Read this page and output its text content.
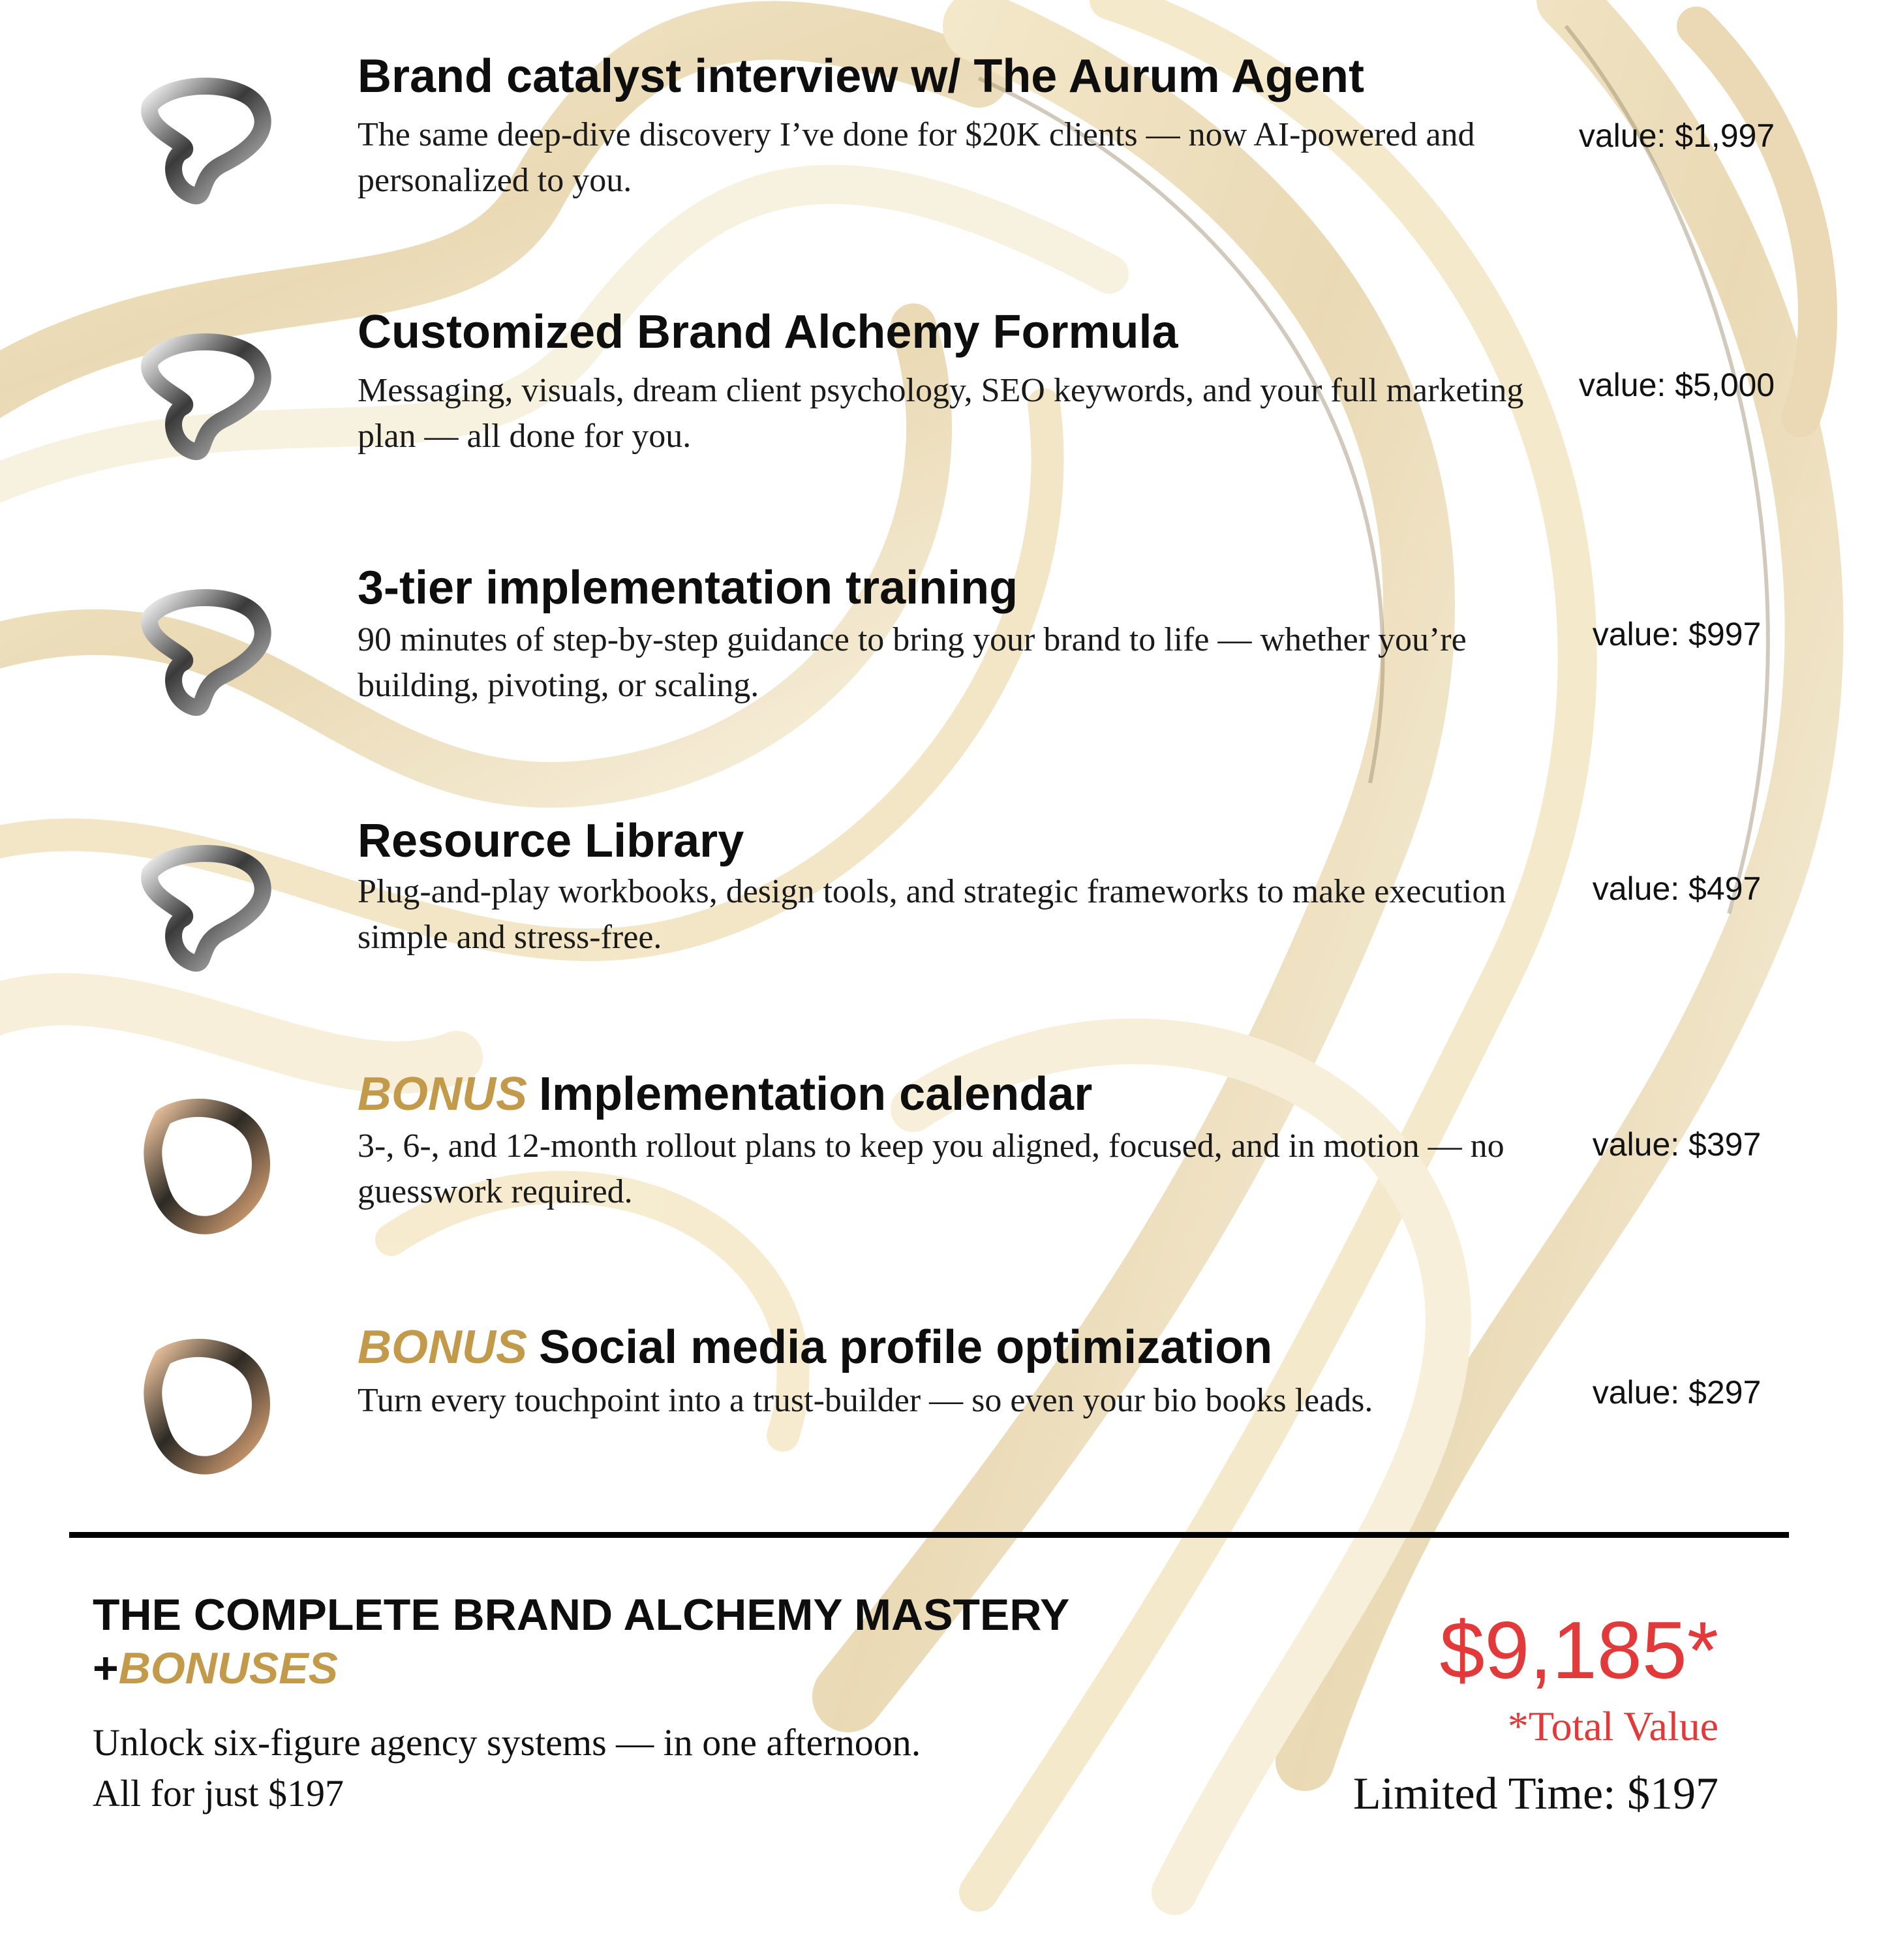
Brand catalyst interview w/ The Aurum Agent

The same deep-dive discovery I’ve done for $20K clients — now AI-powered and personalized to you.

value: $1,997
Customized Brand Alchemy Formula

Messaging, visuals, dream client psychology, SEO keywords, and your full marketing plan — all done for you.

value: $5,000
3-tier implementation training

90 minutes of step-by-step guidance to bring your brand to life — whether you’re building, pivoting, or scaling.

value: $997
Resource Library

Plug-and-play workbooks, design tools, and strategic frameworks to make execution simple and stress-free.

value: $497
BONUS Implementation calendar

3-, 6-, and 12-month rollout plans to keep you aligned, focused, and in motion — no guesswork required.

value: $397
BONUS Social media profile optimization

Turn every touchpoint into a trust-builder — so even your bio books leads.	value: $297
THE COMPLETE BRAND ALCHEMY MASTERY
+BONUSES

Unlock six-figure agency systems — in one afternoon.

All for just $197

$9,185*
*Total Value
Limited Time: $197
